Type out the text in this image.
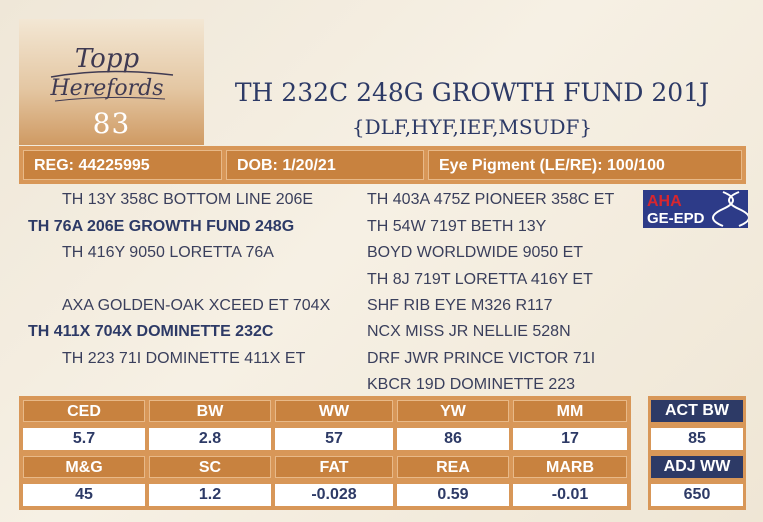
Topp
Herefords
83
TH 232C 248G GROWTH FUND 201J
{DLF,HYF,IEF,MSUDF}
REG: 44225995	DOB: 1/20/21	Eye Pigment (LE/RE): 100/100
TH 13Y 358C BOTTOM LINE 206E
TH 76A 206E GROWTH FUND 248G
TH 416Y 9050 LORETTA 76A
AXA GOLDEN-OAK XCEED ET 704X
TH 411X 704X DOMINETTE 232C
TH 223 71I DOMINETTE 411X ET
TH 403A 475Z PIONEER 358C ET
TH 54W 719T BETH 13Y
BOYD WORLDWIDE 9050 ET
TH 8J 719T LORETTA 416Y ET
SHF RIB EYE M326 R117
NCX MISS JR NELLIE 528N
DRF JWR PRINCE VICTOR 71I
KBCR 19D DOMINETTE 223
AHA
GE-EPD
CED	BW	WW	YW	MM
5.7	2.8	57	86	17
M&G	SC	FAT	REA	MARB
45	1.2	-0.028	0.59	-0.01
ACT BW
85
ADJ WW
650
